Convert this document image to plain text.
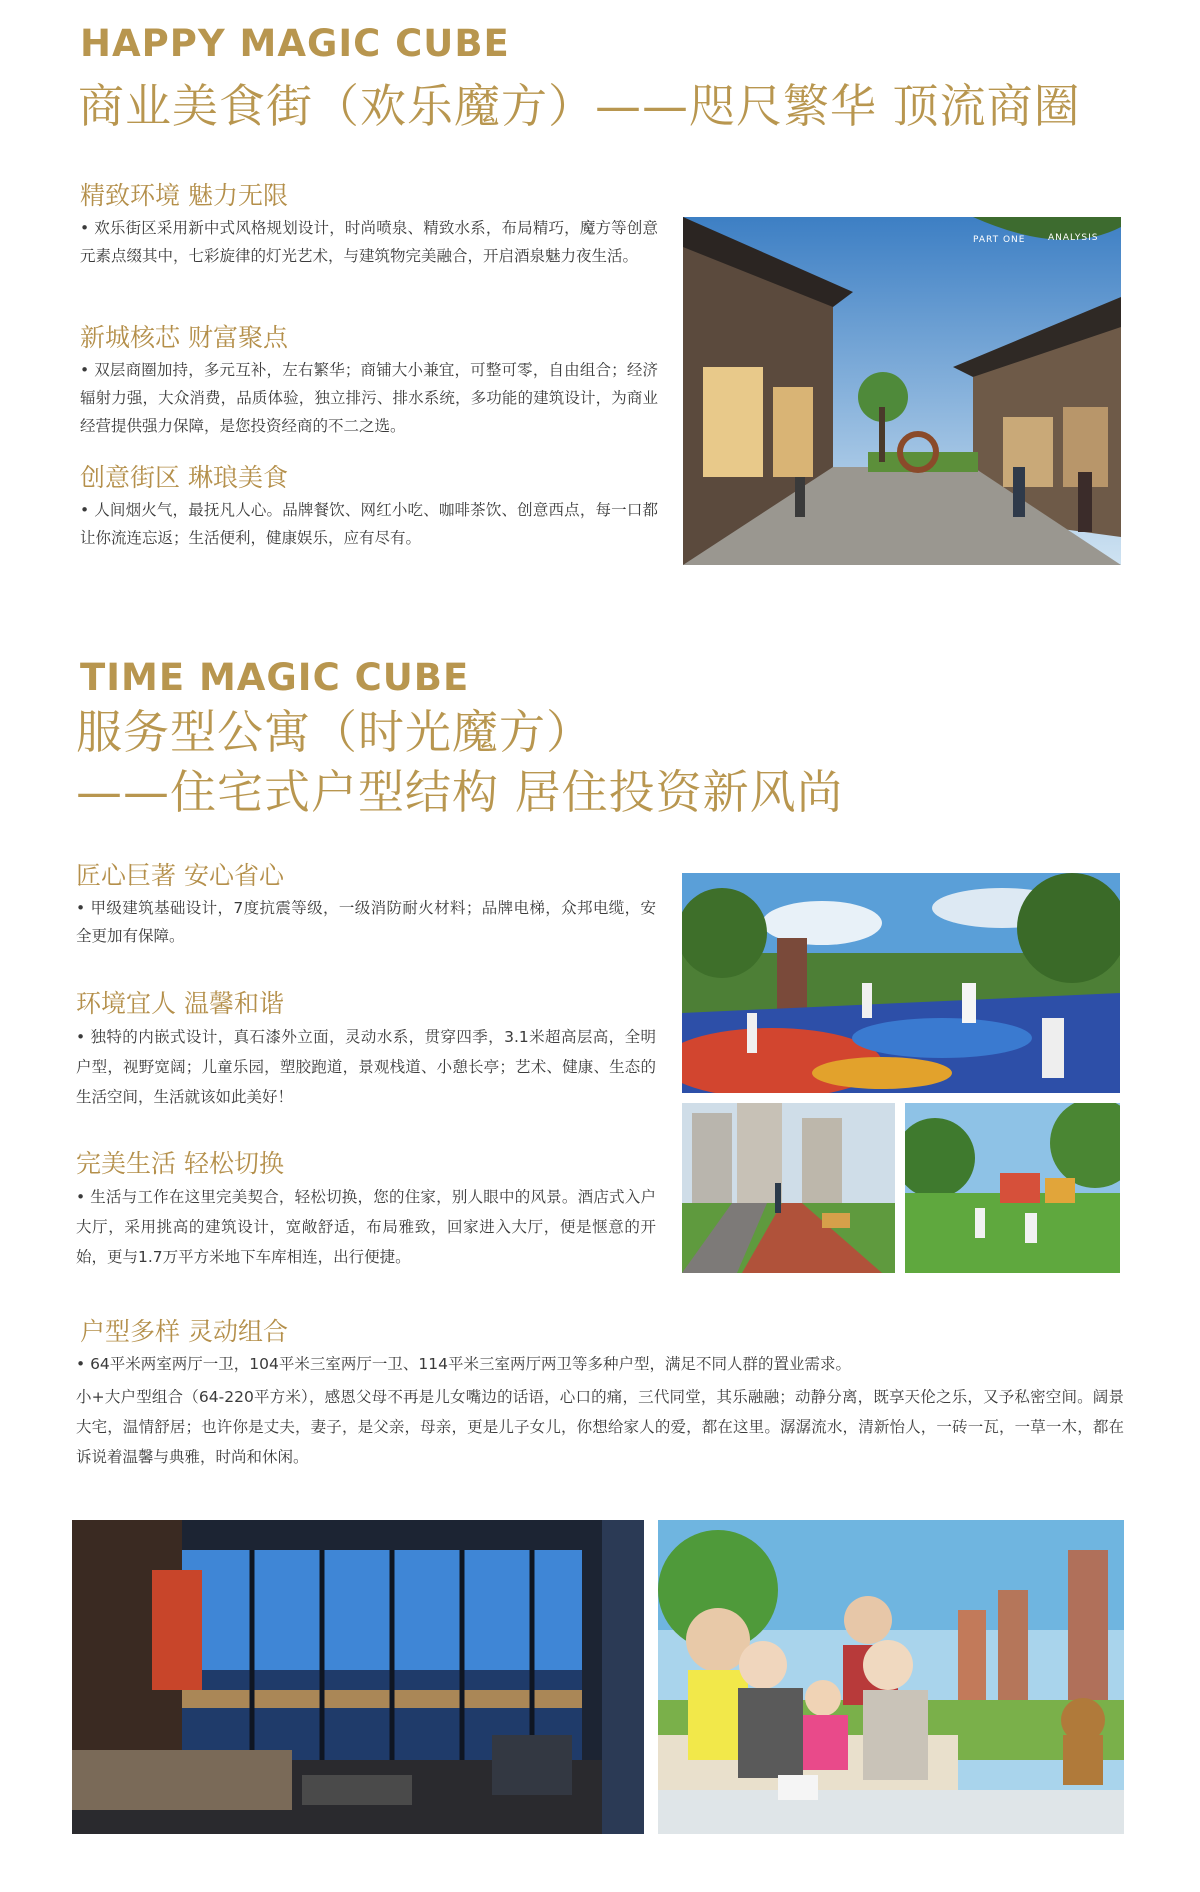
HAPPY MAGIC CUBE
商业美食街（欢乐魔方）——咫尺繁华 顶流商圈
精致环境 魅力无限
• 欢乐街区采用新中式风格规划设计，时尚喷泉、精致水系，布局精巧，魔方等创意元素点缀其中，七彩旋律的灯光艺术，与建筑物完美融合，开启酒泉魅力夜生活。
新城核芯 财富聚点
• 双层商圈加持，多元互补，左右繁华；商铺大小兼宜，可整可零，自由组合；经济辐射力强，大众消费，品质体验，独立排污、排水系统，多功能的建筑设计，为商业经营提供强力保障，是您投资经商的不二之选。
创意街区 琳琅美食
• 人间烟火气，最抚凡人心。品牌餐饮、网红小吃、咖啡茶饮、创意西点，每一口都让你流连忘返；生活便利，健康娱乐，应有尽有。
PART ONE	ANALYSIS
TIME MAGIC CUBE
服务型公寓（时光魔方）
——住宅式户型结构 居住投资新风尚
匠心巨著 安心省心
• 甲级建筑基础设计，7度抗震等级，一级消防耐火材料；品牌电梯，众邦电缆，安全更加有保障。
环境宜人 温馨和谐
• 独特的内嵌式设计，真石漆外立面，灵动水系，贯穿四季，3.1米超高层高，全明户型，视野宽阔；儿童乐园，塑胶跑道，景观栈道、小憩长亭；艺术、健康、生态的生活空间，生活就该如此美好！
完美生活 轻松切换
• 生活与工作在这里完美契合，轻松切换，您的住家，别人眼中的风景。酒店式入户大厅，采用挑高的建筑设计，宽敞舒适，布局雅致，回家进入大厅，便是惬意的开始，更与1.7万平方米地下车库相连，出行便捷。
户型多样 灵动组合
• 64平米两室两厅一卫，104平米三室两厅一卫、114平米三室两厅两卫等多种户型，满足不同人群的置业需求。
小+大户型组合（64-220平方米），感恩父母不再是儿女嘴边的话语，心口的痛，三代同堂，其乐融融；动静分离，既享天伦之乐，又予私密空间。阔景大宅，温情舒居；也许你是丈夫，妻子，是父亲，母亲，更是儿子女儿，你想给家人的爱，都在这里。潺潺流水，清新怡人，一砖一瓦，一草一木，都在诉说着温馨与典雅，时尚和休闲。
